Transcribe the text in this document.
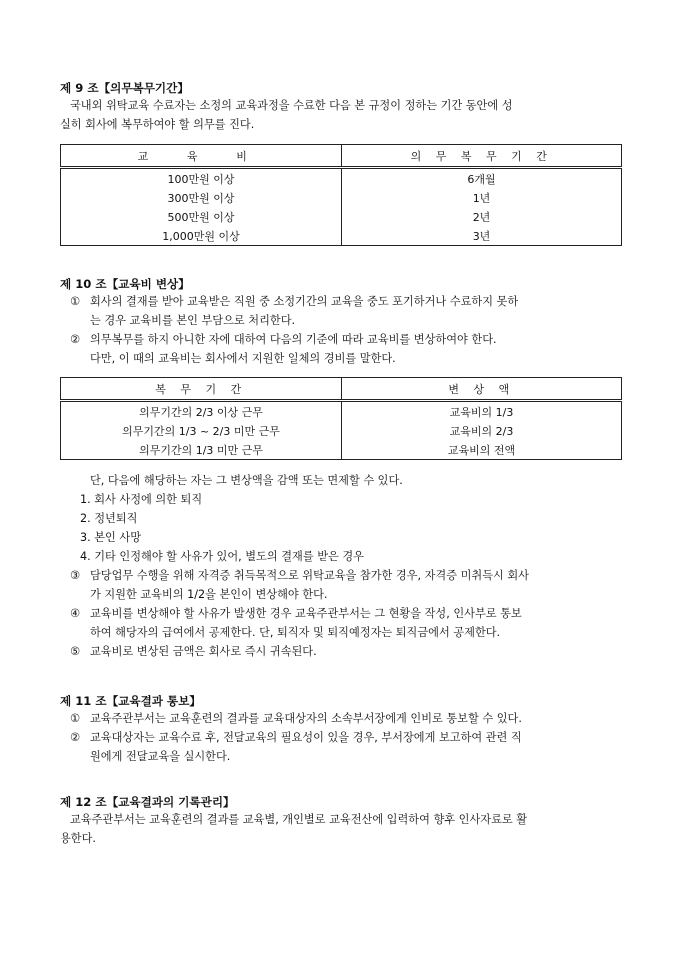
제 9 조【의무복무기간】
국내외 위탁교육 수료자는 소정의 교육과정을 수료한 다음 본 규정이 정하는 기간 동안에 성
실히 회사에 복무하여야 할 의무를 진다.
교 육 비	의 무 복 무 기 간
100만원 이상	6개월
300만원 이상	1년
500만원 이상	2년
1,000만원 이상	3년
제 10 조【교육비 변상】
① 회사의 결재를 받아 교육받은 직원 중 소정기간의 교육을 중도 포기하거나 수료하지 못하
는 경우 교육비를 본인 부담으로 처리한다.
② 의무복무를 하지 아니한 자에 대하여 다음의 기준에 따라 교육비를 변상하여야 한다.
다만, 이 때의 교육비는 회사에서 지원한 일체의 경비를 말한다.
복 무 기 간	변 상 액
의무기간의 2/3 이상 근무	교육비의 1/3
의무기간의 1/3 ~ 2/3 미만 근무	교육비의 2/3
의무기간의 1/3 미만 근무	교육비의 전액
단, 다음에 해당하는 자는 그 변상액을 감액 또는 면제할 수 있다.
1. 회사 사정에 의한 퇴직
2. 정년퇴직
3. 본인 사망
4. 기타 인정해야 할 사유가 있어, 별도의 결재를 받은 경우
③ 담당업무 수행을 위해 자격증 취득목적으로 위탁교육을 참가한 경우, 자격증 미취득시 회사
가 지원한 교육비의 1/2을 본인이 변상해야 한다.
④ 교육비를 변상해야 할 사유가 발생한 경우 교육주관부서는 그 현황을 작성, 인사부로 통보
하여 해당자의 급여에서 공제한다. 단, 퇴직자 및 퇴직예정자는 퇴직금에서 공제한다.
⑤ 교육비로 변상된 금액은 회사로 즉시 귀속된다.
제 11 조【교육결과 통보】
① 교육주관부서는 교육훈련의 결과를 교육대상자의 소속부서장에게 인비로 통보할 수 있다.
② 교육대상자는 교육수료 후, 전달교육의 필요성이 있을 경우, 부서장에게 보고하여 관련 직
원에게 전달교육을 실시한다.
제 12 조【교육결과의 기록관리】
교육주관부서는 교육훈련의 결과를 교육별, 개인별로 교육전산에 입력하여 향후 인사자료로 활
용한다.
